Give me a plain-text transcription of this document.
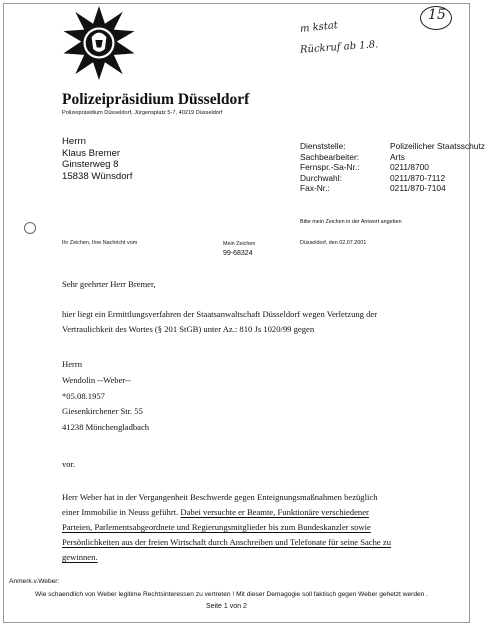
Polizeipräsidium Düsseldorf
Polizeipräsidium Düsseldorf, Jürgensplatz 5-7, 40219 Düsseldorf
m kstat
Rückruf ab 1.8.
15
Herrn
Klaus Bremer
Ginsterweg 8
15838 Wünsdorf
Dienststelle:	Polizeilicher Staatsschutz
Sachbearbeiter:	Arts
Fernspr.-Sa-Nr.:	0211/8700
Durchwahl:	0211/870-7112
Fax-Nr.:	0211/870-7104
Bitte mein Zeichen in der Antwort angeben
Ihr Zeichen, Ihre Nachricht vom	Mein Zeichen
99-68324
Düsseldorf, den 02.07.2001
Sehr geehrter Herr Bremer,
hier liegt ein Ermittlungsverfahren der Staatsanwaltschaft Düsseldorf wegen Verletzung der
Vertraulichkeit des Wortes (§ 201 StGB) unter Az.: 810 Js 1020/99 gegen
Herrn
Wendolin --Weber--
*05.08.1957
Giesenkirchener Str. 55
41238 Mönchengladbach
vor.
Herr Weber hat in der Vergangenheit Beschwerde gegen Enteignungsmaßnahmen bezüglich
einer Immobilie in Neuss geführt. Dabei versuchte er Beamte, Funktionäre verschiedener
Parteien, Parlementsabgeordnete und Regierungsmitglieder bis zum Bundeskanzler sowie
Persönlichkeiten aus der freien Wirtschaft durch Anschreiben und Telefonate für seine Sache zu
gewinnen.
Anmerk.v.Weber:
Wie schaendlich von Weber legitime Rechtsinteressen zu vertreten ! Mit dieser Demagogie soll faktisch gegen Weber gehetzt werden .
Seite 1 von 2
